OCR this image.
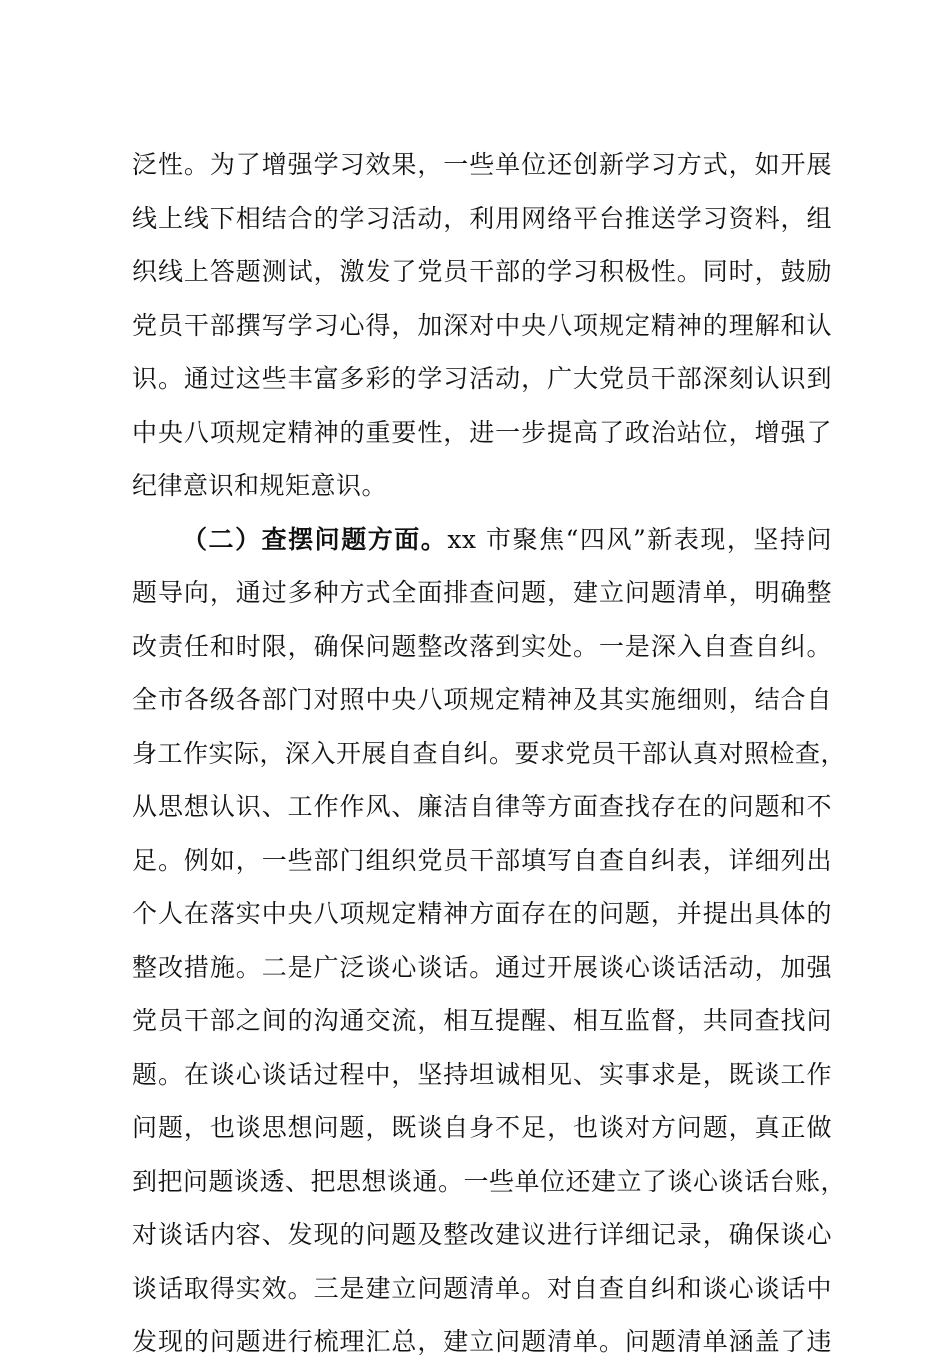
泛性。为了增强学习效果，一些单位还创新学习方式，如开展
线上线下相结合的学习活动，利用网络平台推送学习资料，组
织线上答题测试，激发了党员干部的学习积极性。同时，鼓励
党员干部撰写学习心得，加深对中央八项规定精神的理解和认
识。通过这些丰富多彩的学习活动，广大党员干部深刻认识到
中央八项规定精神的重要性，进一步提高了政治站位，增强了
纪律意识和规矩意识。
（二）查摆问题方面。xx 市聚焦“四风”新表现，坚持问
题导向，通过多种方式全面排查问题，建立问题清单，明确整
改责任和时限，确保问题整改落到实处。一是深入自查自纠。
全市各级各部门对照中央八项规定精神及其实施细则，结合自
身工作实际，深入开展自查自纠。要求党员干部认真对照检查，
从思想认识、工作作风、廉洁自律等方面查找存在的问题和不
足。例如，一些部门组织党员干部填写自查自纠表，详细列出
个人在落实中央八项规定精神方面存在的问题，并提出具体的
整改措施。二是广泛谈心谈话。通过开展谈心谈话活动，加强
党员干部之间的沟通交流，相互提醒、相互监督，共同查找问
题。在谈心谈话过程中，坚持坦诚相见、实事求是，既谈工作
问题，也谈思想问题，既谈自身不足，也谈对方问题，真正做
到把问题谈透、把思想谈通。一些单位还建立了谈心谈话台账，
对谈话内容、发现的问题及整改建议进行详细记录，确保谈心
谈话取得实效。三是建立问题清单。对自查自纠和谈心谈话中
发现的问题进行梳理汇总，建立问题清单。问题清单涵盖了违
